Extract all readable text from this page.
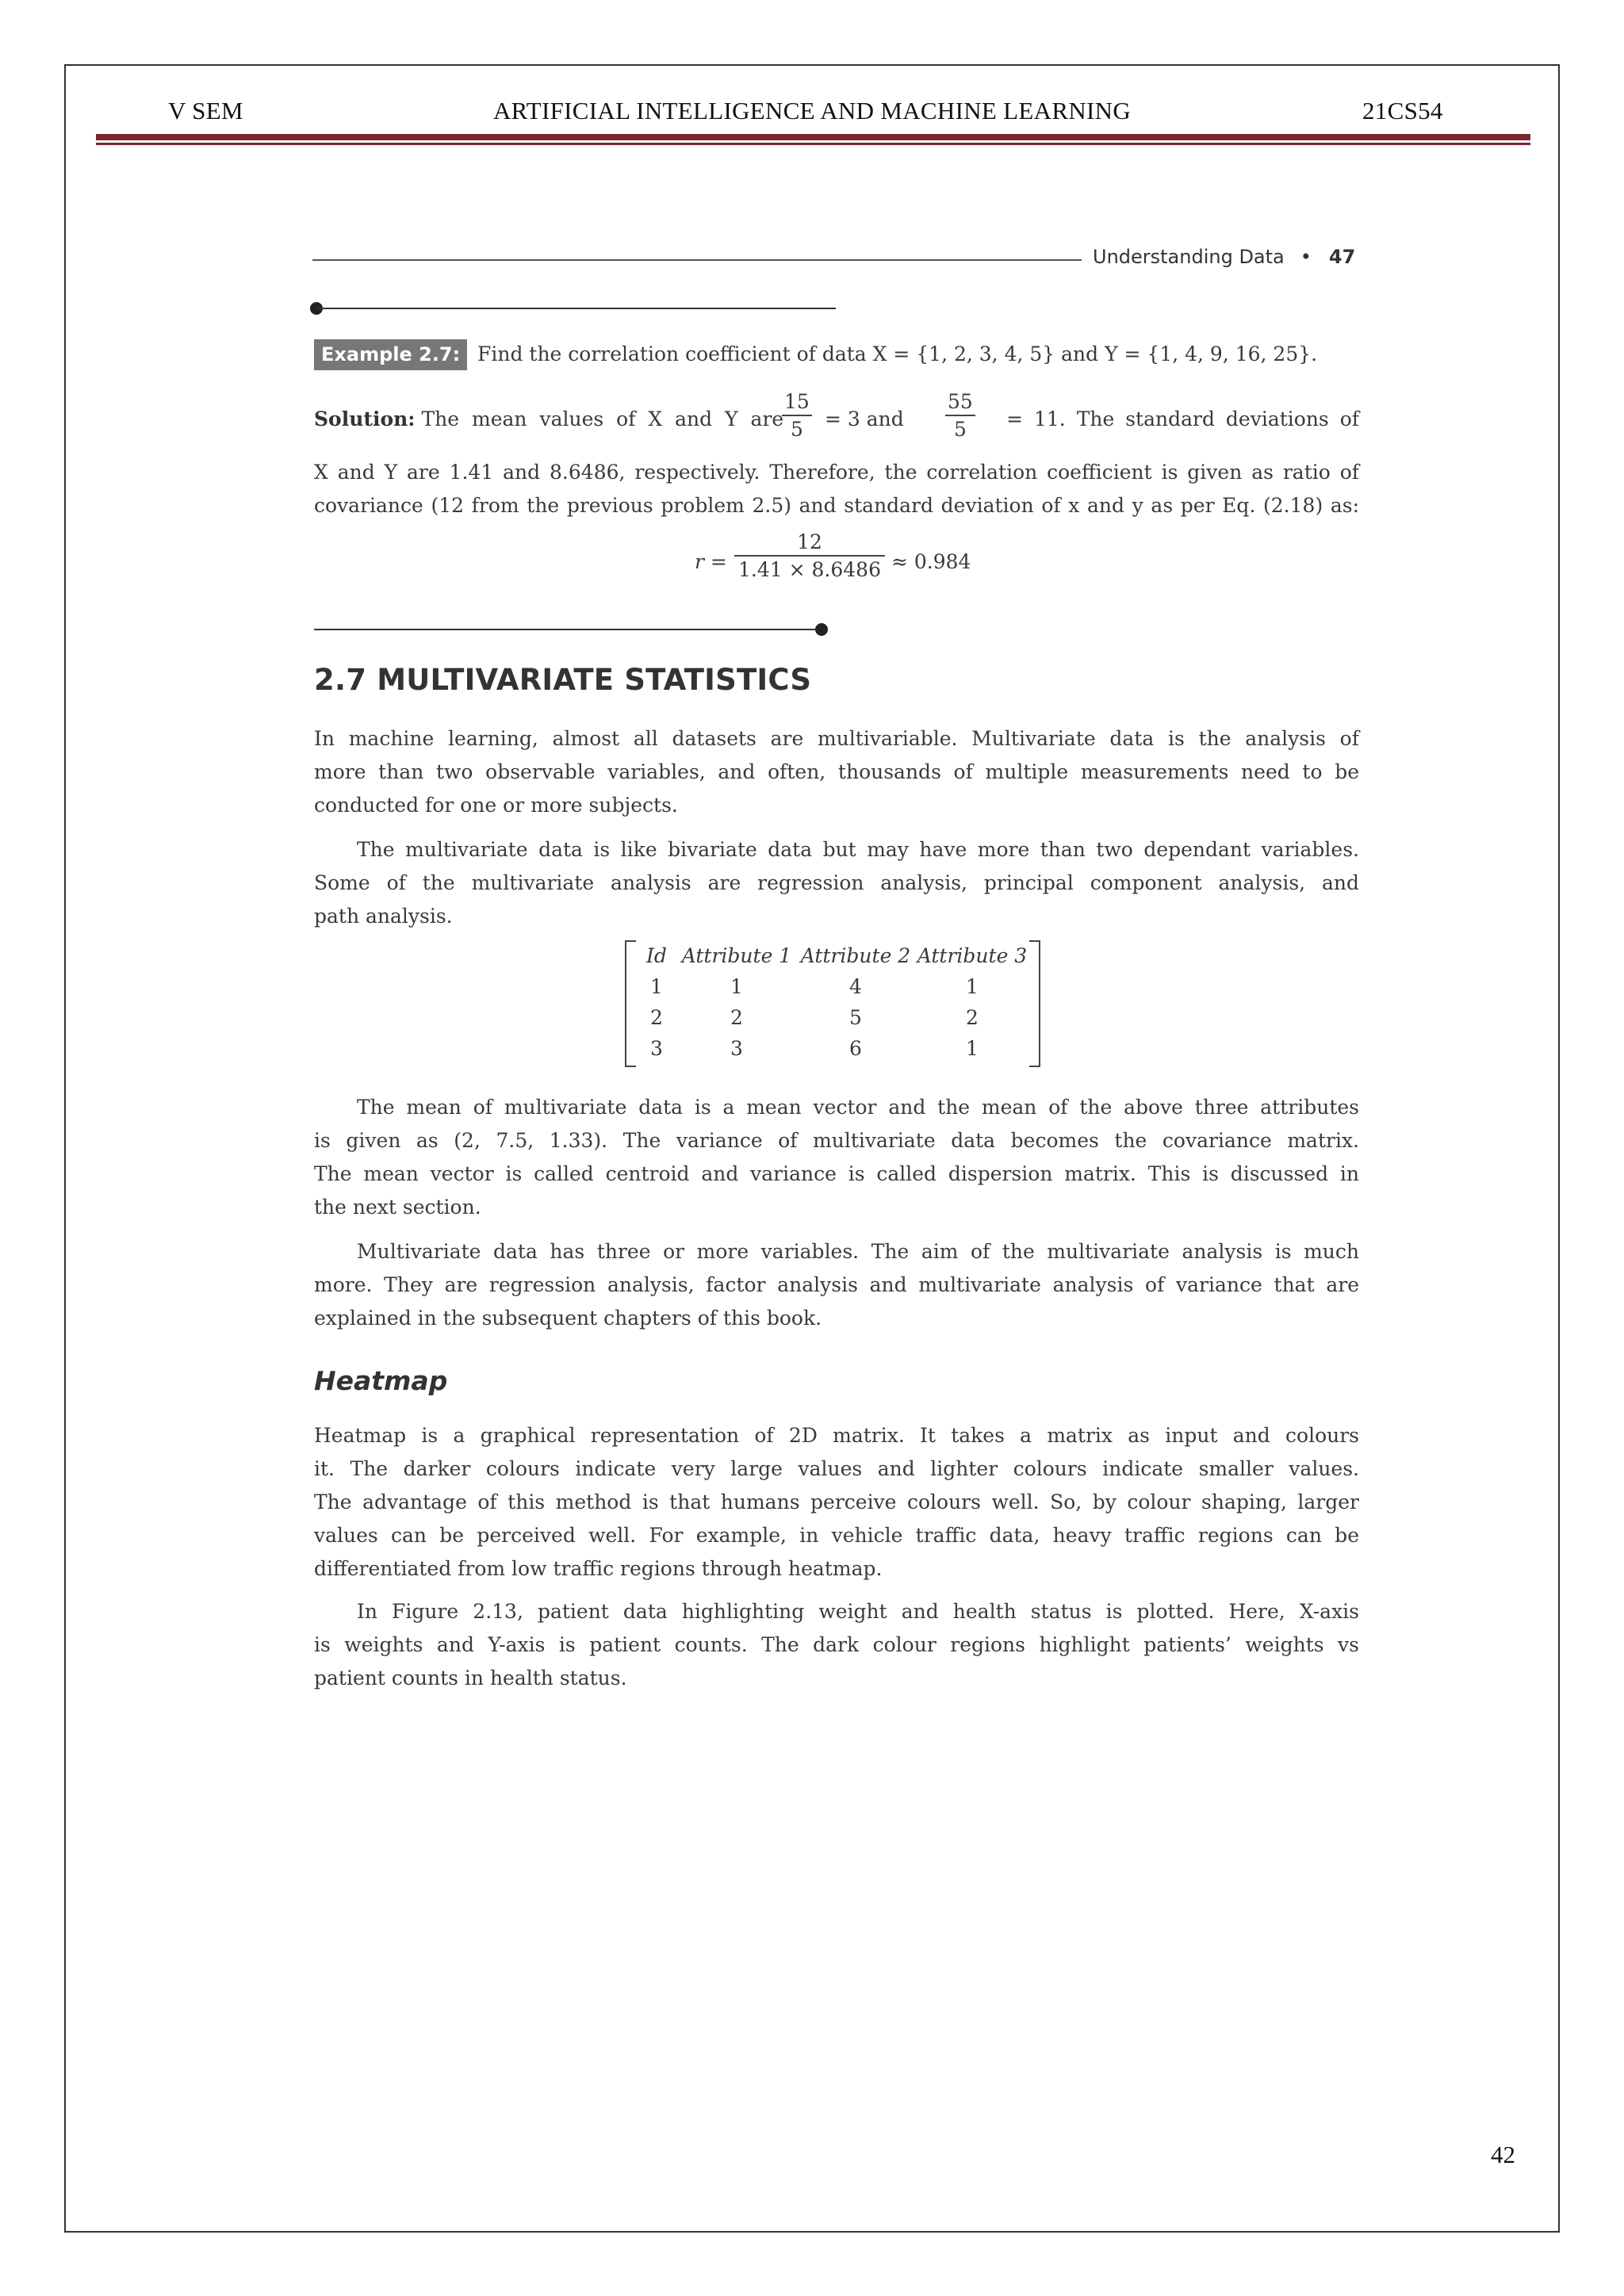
V SEM	ARTIFICIAL INTELLIGENCE AND MACHINE LEARNING	21CS54
Understanding Data • 47
Example 2.7: Find the correlation coefficient of data X = {1, 2, 3, 4, 5} and Y = {1, 4, 9, 16, 25}.
Solution: The mean values of X and Y are
$\frac{15}{5} = 3$ and $\frac{55}{5}$	= 11. The standard deviations of
X and Y are 1.41 and 8.6486, respectively. Therefore, the correlation coefficient is given as ratio of
covariance (12 from the previous problem 2.5) and standard deviation of x and y as per Eq. (2.18) as:
$r = \frac{12}{1.41 \times 8.6486} \approx 0.984$
2.7 MULTIVARIATE STATISTICS
In machine learning, almost all datasets are multivariable. Multivariate data is the analysis of
more than two observable variables, and often, thousands of multiple measurements need to be
conducted for one or more subjects.
The multivariate data is like bivariate data but may have more than two dependant variables.
Some of the multivariate analysis are regression analysis, principal component analysis, and
path analysis.
Id	Attribute 1	Attribute 2	Attribute 3
1	1	4	1
2	2	5	2
3	3	6	1
The mean of multivariate data is a mean vector and the mean of the above three attributes
is given as (2, 7.5, 1.33). The variance of multivariate data becomes the covariance matrix.
The mean vector is called centroid and variance is called dispersion matrix. This is discussed in
the next section.
Multivariate data has three or more variables. The aim of the multivariate analysis is much
more. They are regression analysis, factor analysis and multivariate analysis of variance that are
explained in the subsequent chapters of this book.
Heatmap
Heatmap is a graphical representation of 2D matrix. It takes a matrix as input and colours
it. The darker colours indicate very large values and lighter colours indicate smaller values.
The advantage of this method is that humans perceive colours well. So, by colour shaping, larger
values can be perceived well. For example, in vehicle traffic data, heavy traffic regions can be
differentiated from low traffic regions through heatmap.
In Figure 2.13, patient data highlighting weight and health status is plotted. Here, X-axis
is weights and Y-axis is patient counts. The dark colour regions highlight patients’ weights vs
patient counts in health status.
42
